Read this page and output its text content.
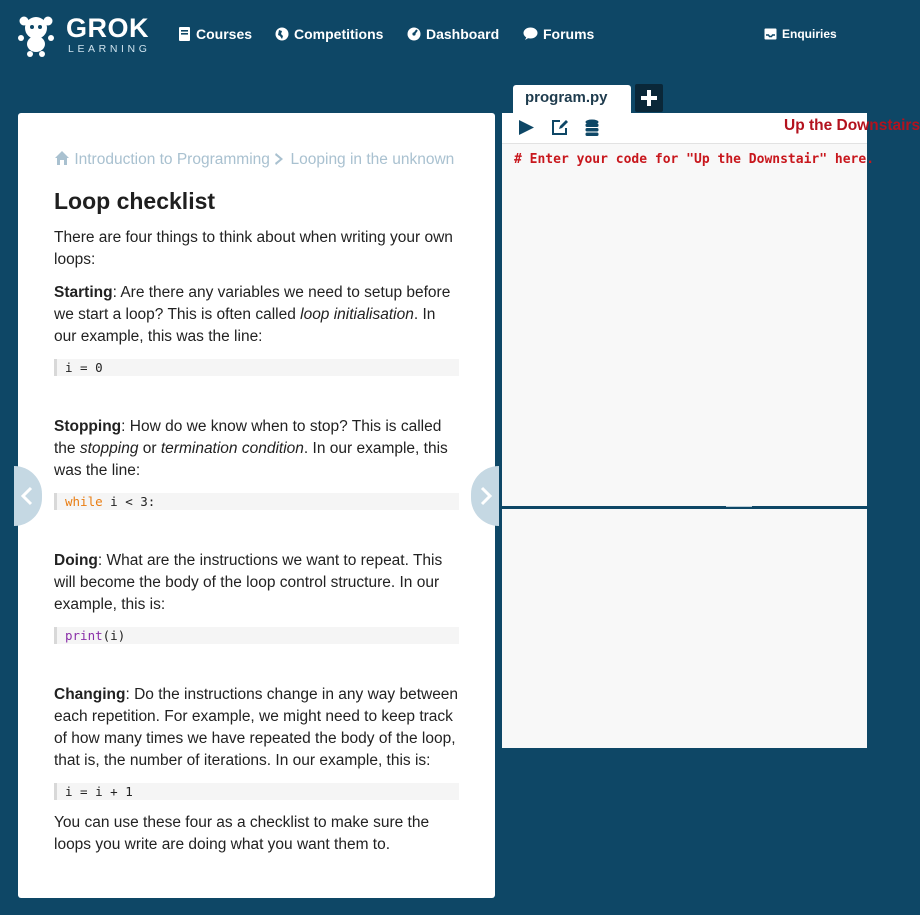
GROK
LEARNING
Courses	Competitions	Dashboard	Forums	Enquiries
Introduction to Programming Looping in the unknown
Loop checklist

There are four things to think about when writing your own loops:

Starting: Are there any variables we need to setup before we start a loop? This is often called loop initialisation. In our example, this was the line:

i = 0

Stopping: How do we know when to stop? This is called the stopping or termination condition. In our example, this was the line:

while i < 3:

Doing: What are the instructions we want to repeat. This will become the body of the loop control structure. In our example, this is:

print(i)

Changing: Do the instructions change in any way between each repetition. For example, we might need to keep track of how many times we have repeated the body of the loop, that is, the number of iterations. In our example, this is:

i = i + 1

You can use these four as a checklist to make sure the loops you write are doing what you want them to.

program.py
Up the Downstairs
# Enter your code for "Up the Downstair" here.
